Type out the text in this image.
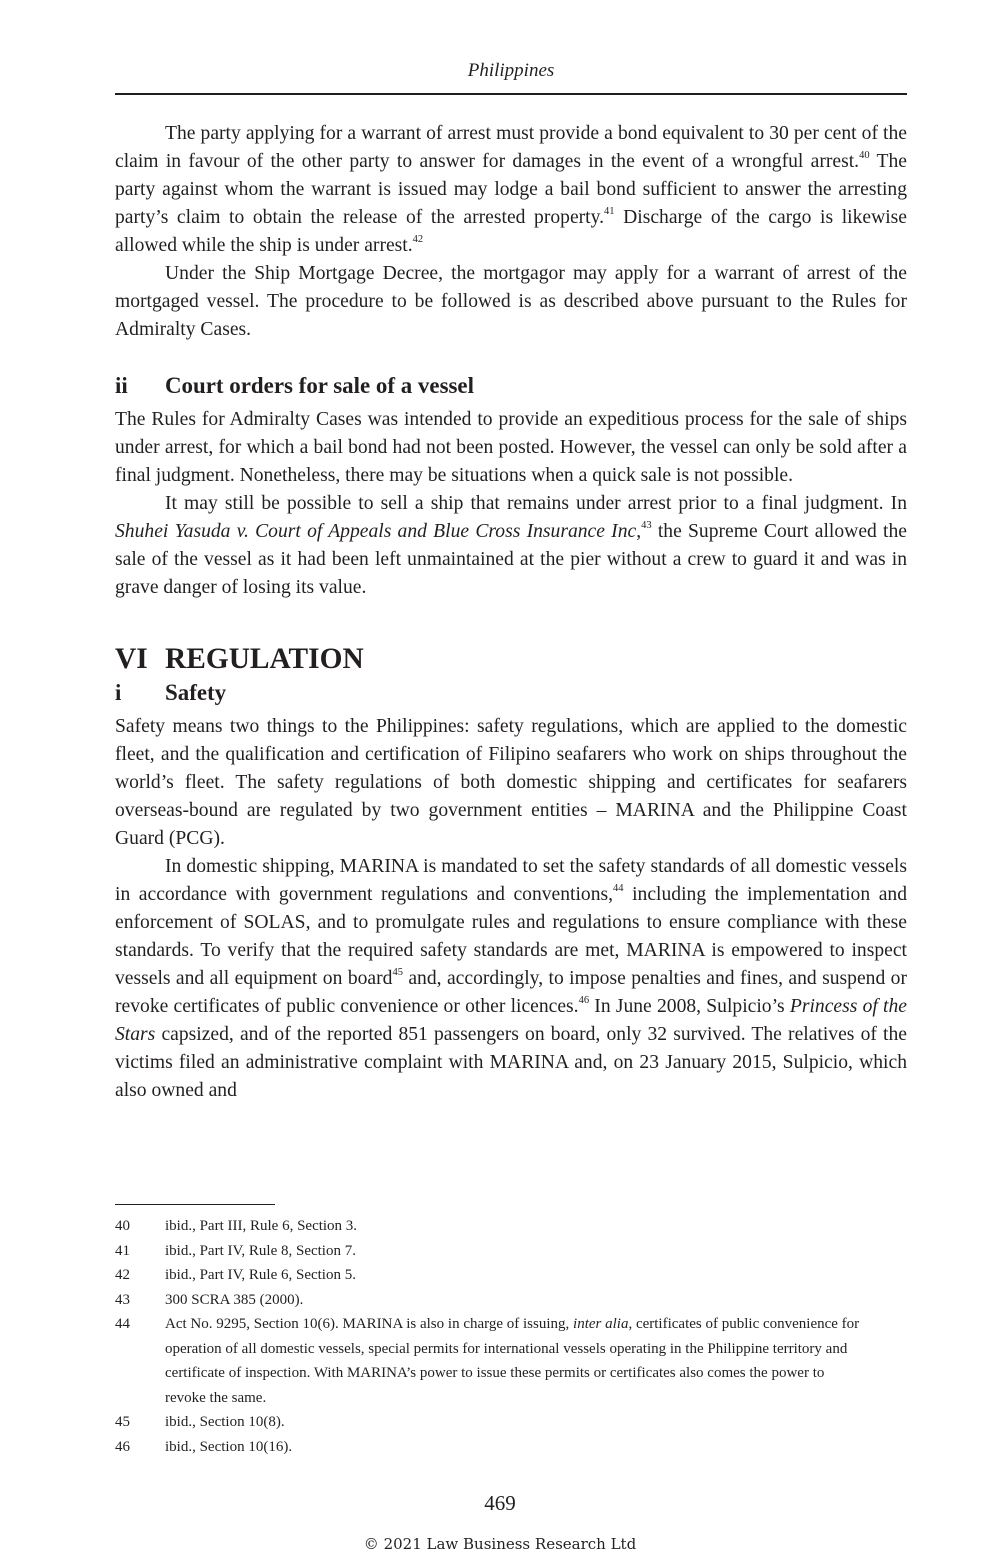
Philippines

The party applying for a warrant of arrest must provide a bond equivalent to 30 per cent of the claim in favour of the other party to answer for damages in the event of a wrongful arrest.$^{40}$ The party against whom the warrant is issued may lodge a bail bond sufficient to answer the arresting party’s claim to obtain the release of the arrested property.$^{41}$ Discharge of the cargo is likewise allowed while the ship is under arrest.$^{42}$

Under the Ship Mortgage Decree, the mortgagor may apply for a warrant of arrest of the mortgaged vessel. The procedure to be followed is as described above pursuant to the Rules for Admiralty Cases.

ii	Court orders for sale of a vessel

The Rules for Admiralty Cases was intended to provide an expeditious process for the sale of ships under arrest, for which a bail bond had not been posted. However, the vessel can only be sold after a final judgment. Nonetheless, there may be situations when a quick sale is not possible.

It may still be possible to sell a ship that remains under arrest prior to a final judgment. In Shuhei Yasuda v. Court of Appeals and Blue Cross Insurance Inc,$^{43}$ the Supreme Court allowed the sale of the vessel as it had been left unmaintained at the pier without a crew to guard it and was in grave danger of losing its value.

VI REGULATION
i	Safety

Safety means two things to the Philippines: safety regulations, which are applied to the domestic fleet, and the qualification and certification of Filipino seafarers who work on ships throughout the world’s fleet. The safety regulations of both domestic shipping and certificates for seafarers overseas-bound are regulated by two government entities – MARINA and the Philippine Coast Guard (PCG).

In domestic shipping, MARINA is mandated to set the safety standards of all domestic vessels in accordance with government regulations and conventions,$^{44}$ including the implementation and enforcement of SOLAS, and to promulgate rules and regulations to ensure compliance with these standards. To verify that the required safety standards are met, MARINA is empowered to inspect vessels and all equipment on board$^{45}$ and, accordingly, to impose penalties and fines, and suspend or revoke certificates of public convenience or other licences.$^{46}$ In June 2008, Sulpicio’s Princess of the Stars capsized, and of the reported 851 passengers on board, only 32 survived. The relatives of the victims filed an administrative complaint with MARINA and, on 23 January 2015, Sulpicio, which also owned and

40	ibid., Part III, Rule 6, Section 3.

41	ibid., Part IV, Rule 8, Section 7.

42	ibid., Part IV, Rule 6, Section 5.

43	300 SCRA 385 (2000).

44	Act No. 9295, Section 10(6). MARINA is also in charge of issuing, inter alia, certificates of public convenience for operation of all domestic vessels, special permits for international vessels operating in the Philippine territory and certificate of inspection. With MARINA’s power to issue these permits or certificates also comes the power to revoke the same.

45	ibid., Section 10(8).

46	ibid., Section 10(16).

469
© 2021 Law Business Research Ltd
